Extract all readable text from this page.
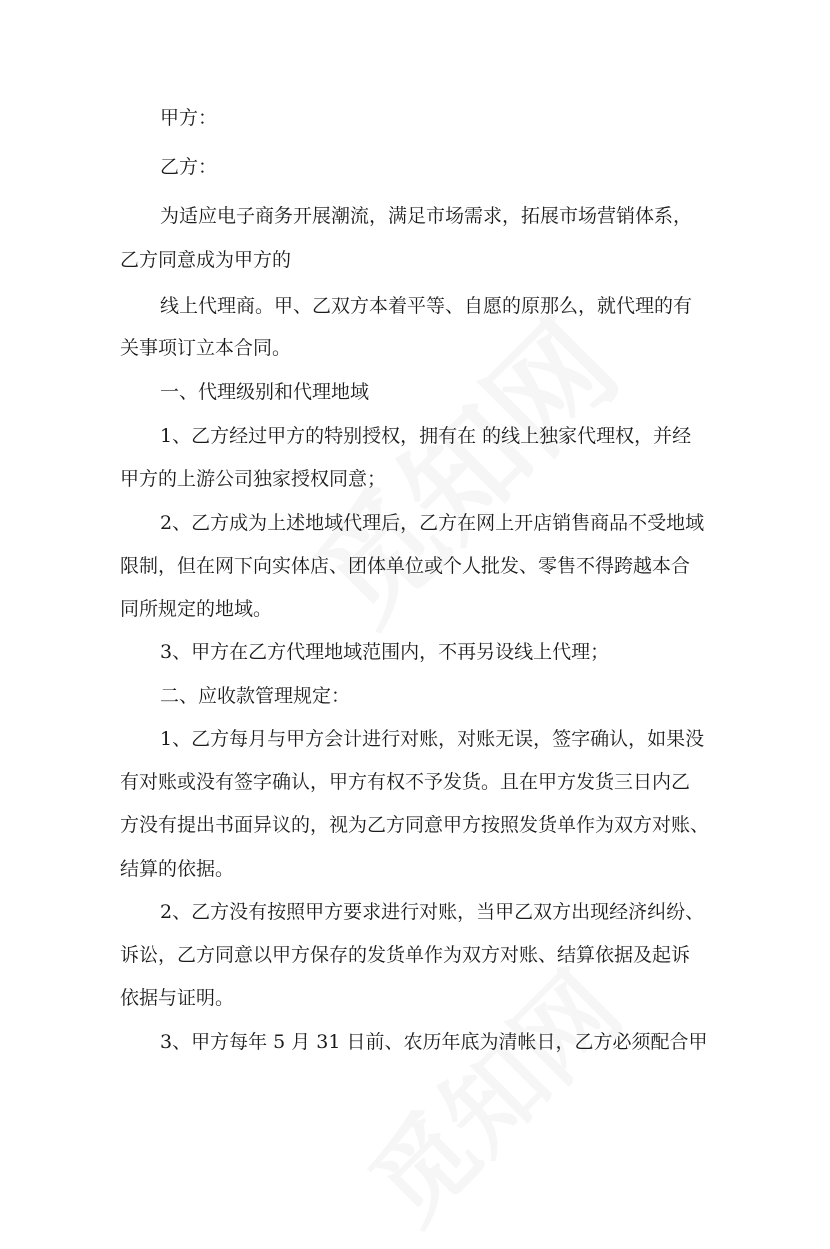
甲方：
乙方：
为适应电子商务开展潮流，满足市场需求，拓展市场营销体系，
乙方同意成为甲方的
线上代理商。甲、乙双方本着平等、自愿的原那么，就代理的有
关事项订立本合同。
一、代理级别和代理地域
1、乙方经过甲方的特别授权，拥有在 的线上独家代理权，并经
甲方的上游公司独家授权同意；
2、乙方成为上述地域代理后，乙方在网上开店销售商品不受地域
限制，但在网下向实体店、团体单位或个人批发、零售不得跨越本合
同所规定的地域。
3、甲方在乙方代理地域范围内，不再另设线上代理；
二、应收款管理规定：
1、乙方每月与甲方会计进行对账，对账无误，签字确认，如果没
有对账或没有签字确认，甲方有权不予发货。且在甲方发货三日内乙
方没有提出书面异议的，视为乙方同意甲方按照发货单作为双方对账、
结算的依据。
2、乙方没有按照甲方要求进行对账，当甲乙双方出现经济纠纷、
诉讼，乙方同意以甲方保存的发货单作为双方对账、结算依据及起诉
依据与证明。
3、甲方每年 5 月 31 日前、农历年底为清帐日，乙方必须配合甲
